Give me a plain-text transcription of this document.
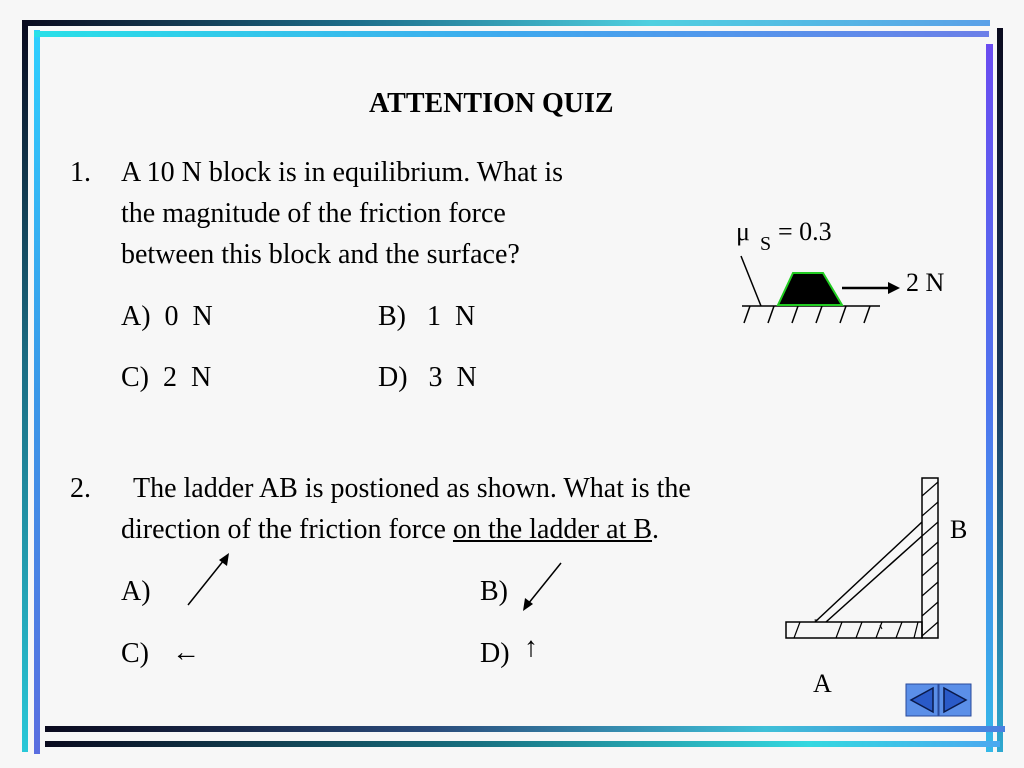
ATTENTION QUIZ
1. A 10 N block is in equilibrium. What is
the magnitude of the friction force
between this block and the surface?
A)  0  N	B)   1  N
C)  2  N	D)   3  N
μ S = 0.3
2 N
2. The ladder AB is postioned as shown. What is the
direction of the friction force on the ladder at B.
A)	B)
C) ←	D) ↑
B
A
-
